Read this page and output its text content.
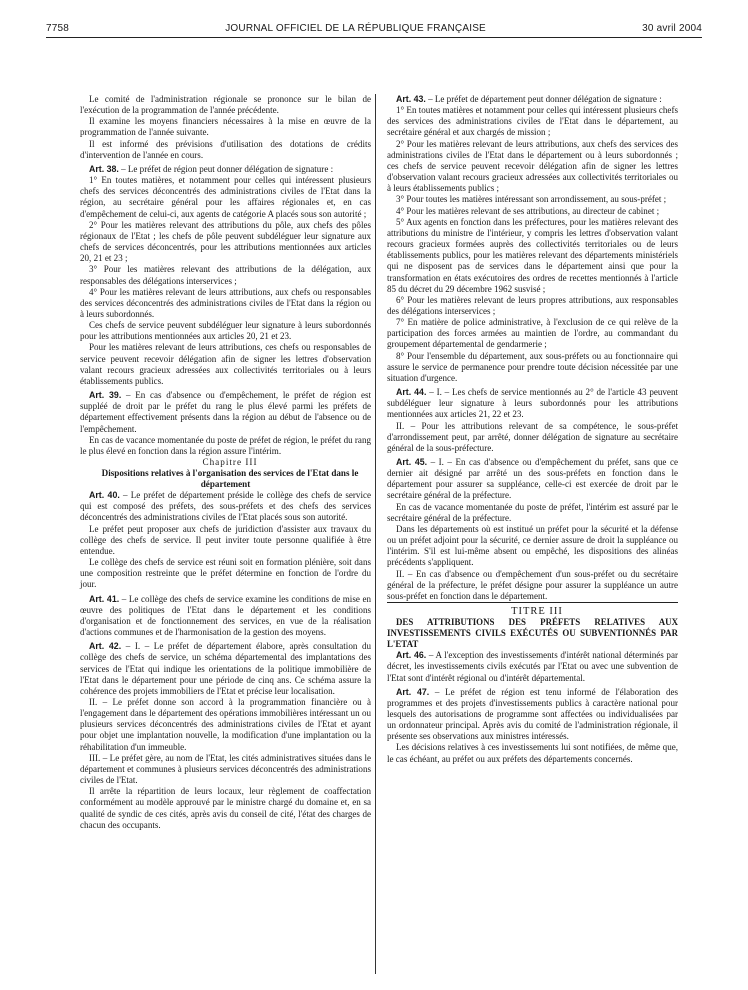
7758	JOURNAL OFFICIEL DE LA RÉPUBLIQUE FRANÇAISE	30 avril 2004

Le comité de l'administration régionale se prononce sur le bilan de l'exécution de la programmation de l'année précédente.

Il examine les moyens financiers nécessaires à la mise en œuvre de la programmation de l'année suivante.

Il est informé des prévisions d'utilisation des dotations de crédits d'intervention de l'année en cours.

Art. 38. – Le préfet de région peut donner délégation de signature :

1° En toutes matières, et notamment pour celles qui intéressent plusieurs chefs des services déconcentrés des administrations civiles de l'Etat dans la région, au secrétaire général pour les affaires régionales et, en cas d'empêchement de celui-ci, aux agents de catégorie A placés sous son autorité ;

2° Pour les matières relevant des attributions du pôle, aux chefs des pôles régionaux de l'Etat ; les chefs de pôle peuvent subdéléguer leur signature aux chefs de services déconcentrés, pour les attributions mentionnées aux articles 20, 21 et 23 ;

3° Pour les matières relevant des attributions de la délégation, aux responsables des délégations interservices ;

4° Pour les matières relevant de leurs attributions, aux chefs ou responsables des services déconcentrés des administrations civiles de l'Etat dans la région ou à leurs subordonnés.

Ces chefs de service peuvent subdéléguer leur signature à leurs subordonnés pour les attributions mentionnées aux articles 20, 21 et 23.

Pour les matières relevant de leurs attributions, ces chefs ou responsables de service peuvent recevoir délégation afin de signer les lettres d'observation valant recours gracieux adressées aux collectivités territoriales ou à leurs établissements publics.

Art. 39. – En cas d'absence ou d'empêchement, le préfet de région est suppléé de droit par le préfet du rang le plus élevé parmi les préfets de département effectivement présents dans la région au début de l'absence ou de l'empêchement.

En cas de vacance momentanée du poste de préfet de région, le préfet du rang le plus élevé en fonction dans la région assure l'intérim.

Chapitre III

Dispositions relatives à l'organisation des services de l'Etat dans le département

Art. 40. – Le préfet de département préside le collège des chefs de service qui est composé des préfets, des sous-préfets et des chefs des services déconcentrés des administrations civiles de l'Etat placés sous son autorité.

Le préfet peut proposer aux chefs de juridiction d'assister aux travaux du collège des chefs de service. Il peut inviter toute personne qualifiée à être entendue.

Le collège des chefs de service est réuni soit en formation plénière, soit dans une composition restreinte que le préfet détermine en fonction de l'ordre du jour.

Art. 41. – Le collège des chefs de service examine les conditions de mise en œuvre des politiques de l'Etat dans le département et les conditions d'organisation et de fonctionnement des services, en vue de la réalisation d'actions communes et de l'harmonisation de la gestion des moyens.

Art. 42. – I. – Le préfet de département élabore, après consultation du collège des chefs de service, un schéma départemental des implantations des services de l'Etat qui indique les orientations de la politique immobilière de l'Etat dans le département pour une période de cinq ans. Ce schéma assure la cohérence des projets immobiliers de l'Etat et précise leur localisation.

II. – Le préfet donne son accord à la programmation financière ou à l'engagement dans le département des opérations immobilières intéressant un ou plusieurs services déconcentrés des administrations civiles de l'Etat et ayant pour objet une implantation nouvelle, la modification d'une implantation ou la réhabilitation d'un immeuble.

III. – Le préfet gère, au nom de l'Etat, les cités administratives situées dans le département et communes à plusieurs services déconcentrés des administrations civiles de l'Etat.

Il arrête la répartition de leurs locaux, leur règlement de coaffectation conformément au modèle approuvé par le ministre chargé du domaine et, en sa qualité de syndic de ces cités, après avis du conseil de cité, l'état des charges de chacun des occupants.

Art. 43. – Le préfet de département peut donner délégation de signature :

1° En toutes matières et notamment pour celles qui intéressent plusieurs chefs des services des administrations civiles de l'Etat dans le département, au secrétaire général et aux chargés de mission ;

2° Pour les matières relevant de leurs attributions, aux chefs des services des administrations civiles de l'Etat dans le département ou à leurs subordonnés ; ces chefs de service peuvent recevoir délégation afin de signer les lettres d'observation valant recours gracieux adressées aux collectivités territoriales ou à leurs établissements publics ;

3° Pour toutes les matières intéressant son arrondissement, au sous-préfet ;

4° Pour les matières relevant de ses attributions, au directeur de cabinet ;

5° Aux agents en fonction dans les préfectures, pour les matières relevant des attributions du ministre de l'intérieur, y compris les lettres d'observation valant recours gracieux formées auprès des collectivités territoriales ou de leurs établissements publics, pour les matières relevant des départements ministériels qui ne disposent pas de services dans le département ainsi que pour la transformation en états exécutoires des ordres de recettes mentionnés à l'article 85 du décret du 29 décembre 1962 susvisé ;

6° Pour les matières relevant de leurs propres attributions, aux responsables des délégations interservices ;

7° En matière de police administrative, à l'exclusion de ce qui relève de la participation des forces armées au maintien de l'ordre, au commandant du groupement départemental de gendarmerie ;

8° Pour l'ensemble du département, aux sous-préfets ou au fonctionnaire qui assure le service de permanence pour prendre toute décision nécessitée par une situation d'urgence.

Art. 44. – I. – Les chefs de service mentionnés au 2° de l'article 43 peuvent subdéléguer leur signature à leurs subordonnés pour les attributions mentionnées aux articles 21, 22 et 23.

II. – Pour les attributions relevant de sa compétence, le sous-préfet d'arrondissement peut, par arrêté, donner délégation de signature au secrétaire général de la sous-préfecture.

Art. 45. – I. – En cas d'absence ou d'empêchement du préfet, sans que ce dernier ait désigné par arrêté un des sous-préfets en fonction dans le département pour assurer sa suppléance, celle-ci est exercée de droit par le secrétaire général de la préfecture.

En cas de vacance momentanée du poste de préfet, l'intérim est assuré par le secrétaire général de la préfecture.

Dans les départements où est institué un préfet pour la sécurité et la défense ou un préfet adjoint pour la sécurité, ce dernier assure de droit la suppléance ou l'intérim. S'il est lui-même absent ou empêché, les dispositions des alinéas précédents s'appliquent.

II. – En cas d'absence ou d'empêchement d'un sous-préfet ou du secrétaire général de la préfecture, le préfet désigne pour assurer la suppléance un autre sous-préfet en fonction dans le département.

TITRE III

DES ATTRIBUTIONS DES PRÉFETS RELATIVES AUX INVESTISSEMENTS CIVILS EXÉCUTÉS OU SUBVENTIONNÉS PAR L'ETAT

Art. 46. – A l'exception des investissements d'intérêt national déterminés par décret, les investissements civils exécutés par l'Etat ou avec une subvention de l'Etat sont d'intérêt régional ou d'intérêt départemental.

Art. 47. – Le préfet de région est tenu informé de l'élaboration des programmes et des projets d'investissements publics à caractère national pour lesquels des autorisations de programme sont affectées ou individualisées par un ordonnateur principal. Après avis du comité de l'administration régionale, il présente ses observations aux ministres intéressés.

Les décisions relatives à ces investissements lui sont notifiées, de même que, le cas échéant, au préfet ou aux préfets des départements concernés.
